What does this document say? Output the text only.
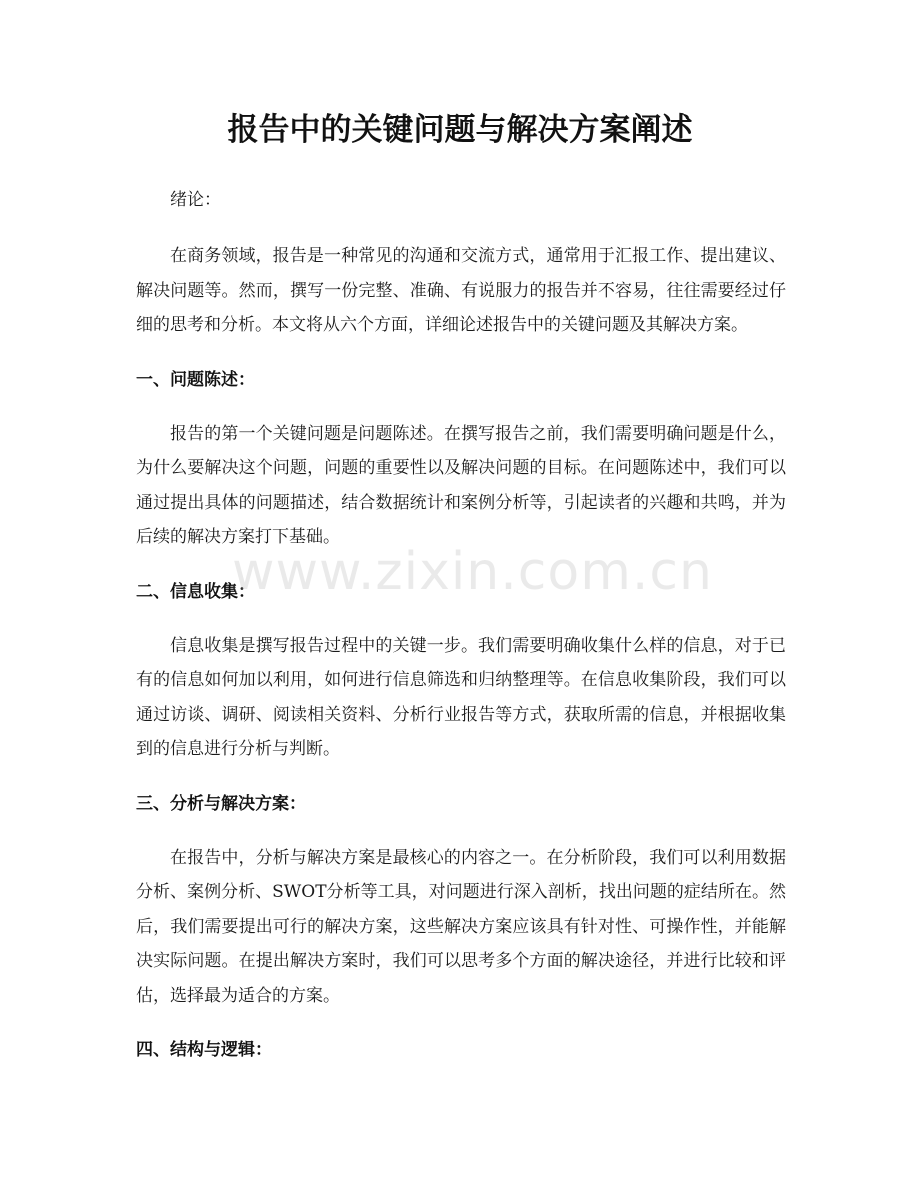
报告中的关键问题与解决方案阐述

绪论：

在商务领域，报告是一种常见的沟通和交流方式，通常用于汇报工作、提出建议、解决问题等。然而，撰写一份完整、准确、有说服力的报告并不容易，往往需要经过仔细的思考和分析。本文将从六个方面，详细论述报告中的关键问题及其解决方案。

一、问题陈述：

报告的第一个关键问题是问题陈述。在撰写报告之前，我们需要明确问题是什么，为什么要解决这个问题，问题的重要性以及解决问题的目标。在问题陈述中，我们可以通过提出具体的问题描述，结合数据统计和案例分析等，引起读者的兴趣和共鸣，并为后续的解决方案打下基础。

二、信息收集：

信息收集是撰写报告过程中的关键一步。我们需要明确收集什么样的信息，对于已有的信息如何加以利用，如何进行信息筛选和归纳整理等。在信息收集阶段，我们可以通过访谈、调研、阅读相关资料、分析行业报告等方式，获取所需的信息，并根据收集到的信息进行分析与判断。

三、分析与解决方案：

在报告中，分析与解决方案是最核心的内容之一。在分析阶段，我们可以利用数据分析、案例分析、SWOT分析等工具，对问题进行深入剖析，找出问题的症结所在。然后，我们需要提出可行的解决方案，这些解决方案应该具有针对性、可操作性，并能解决实际问题。在提出解决方案时，我们可以思考多个方面的解决途径，并进行比较和评估，选择最为适合的方案。

四、结构与逻辑：
www.zixin.com.cn
